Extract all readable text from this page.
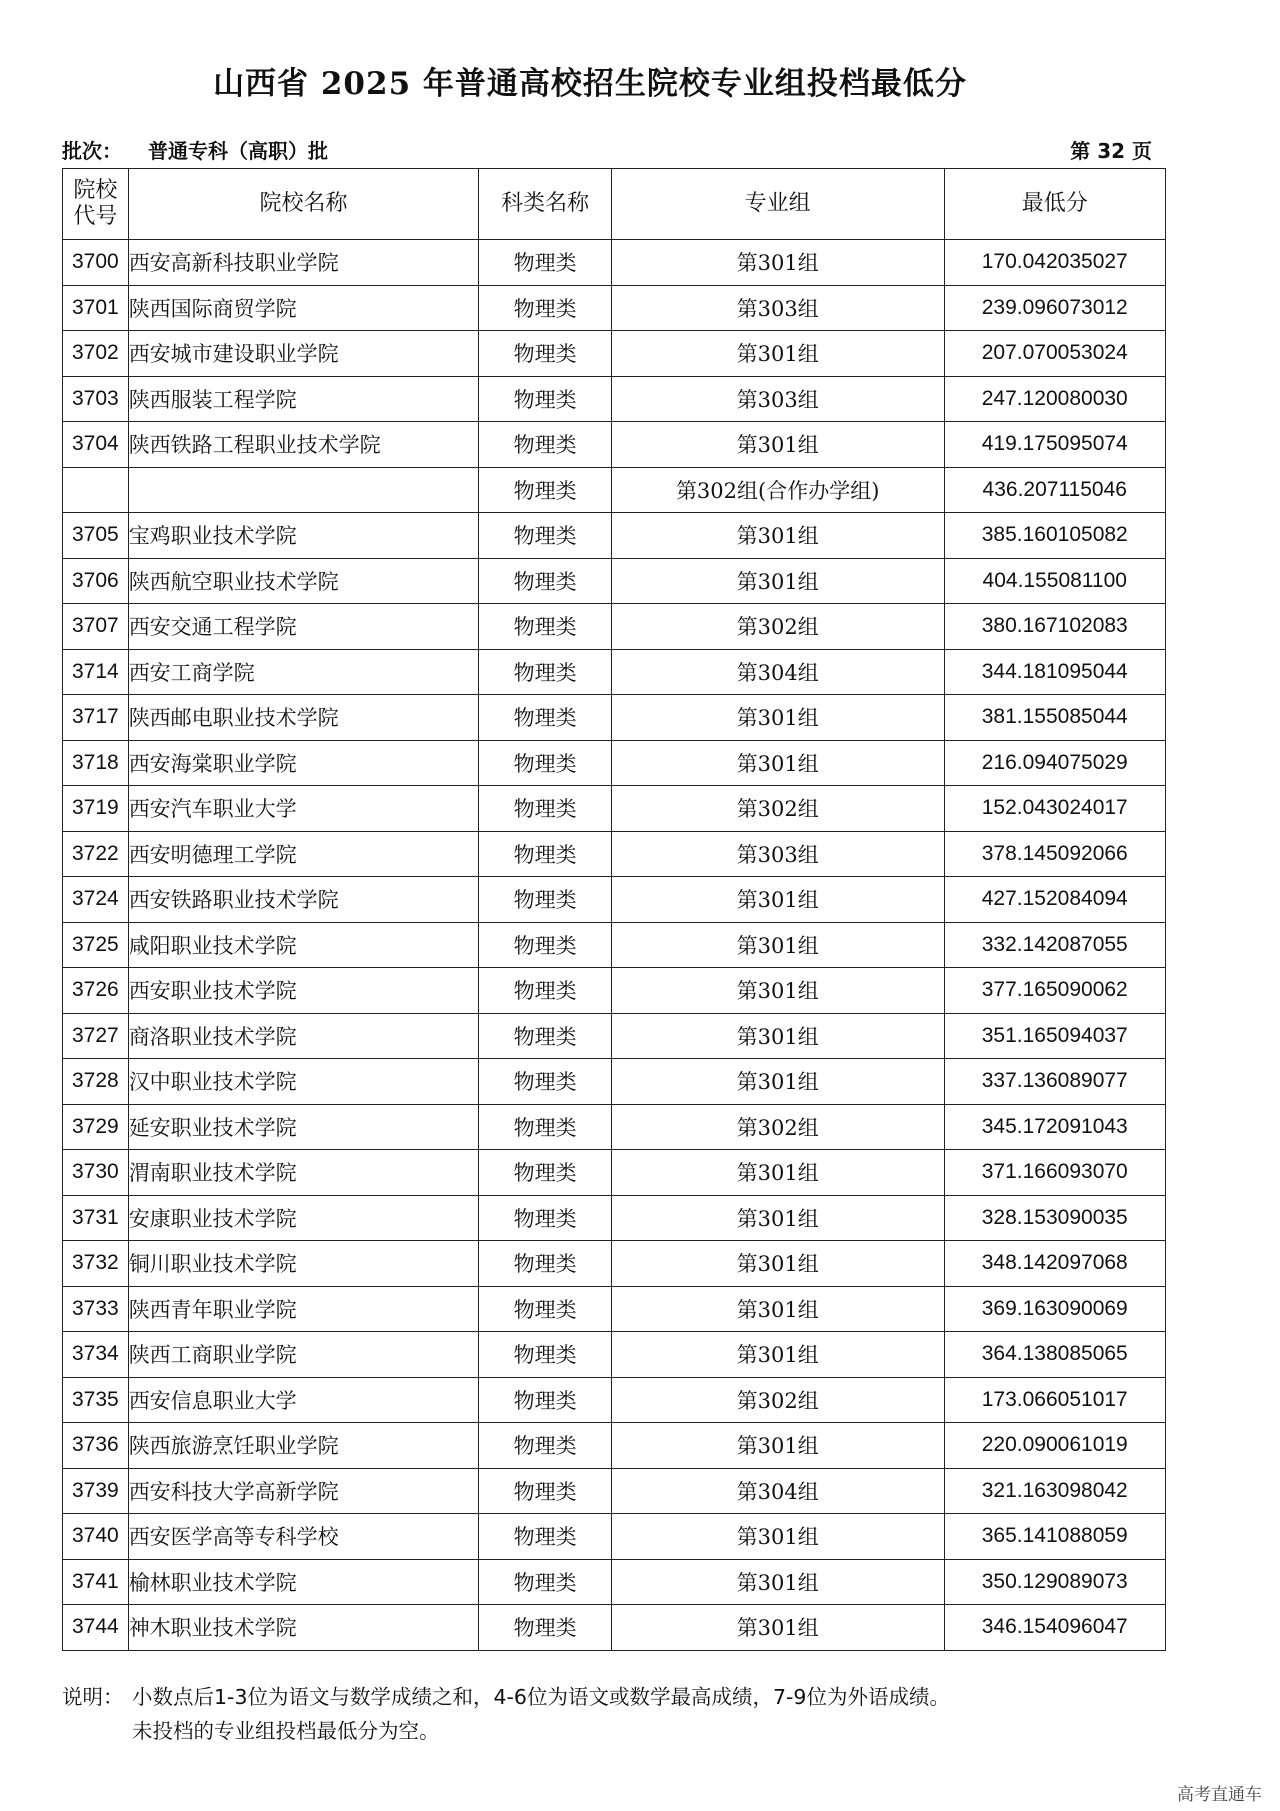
山西省 2025 年普通高校招生院校专业组投档最低分
批次： 普通专科（高职）批	第 32 页
院校
代号	院校名称	科类名称	专业组	最低分
3700	西安高新科技职业学院	物理类	第301组	170.042035027
3701	陕西国际商贸学院	物理类	第303组	239.096073012
3702	西安城市建设职业学院	物理类	第301组	207.070053024
3703	陕西服装工程学院	物理类	第303组	247.120080030
3704	陕西铁路工程职业技术学院	物理类	第301组	419.175095074
		物理类	第302组(合作办学组)	436.207115046
3705	宝鸡职业技术学院	物理类	第301组	385.160105082
3706	陕西航空职业技术学院	物理类	第301组	404.155081100
3707	西安交通工程学院	物理类	第302组	380.167102083
3714	西安工商学院	物理类	第304组	344.181095044
3717	陕西邮电职业技术学院	物理类	第301组	381.155085044
3718	西安海棠职业学院	物理类	第301组	216.094075029
3719	西安汽车职业大学	物理类	第302组	152.043024017
3722	西安明德理工学院	物理类	第303组	378.145092066
3724	西安铁路职业技术学院	物理类	第301组	427.152084094
3725	咸阳职业技术学院	物理类	第301组	332.142087055
3726	西安职业技术学院	物理类	第301组	377.165090062
3727	商洛职业技术学院	物理类	第301组	351.165094037
3728	汉中职业技术学院	物理类	第301组	337.136089077
3729	延安职业技术学院	物理类	第302组	345.172091043
3730	渭南职业技术学院	物理类	第301组	371.166093070
3731	安康职业技术学院	物理类	第301组	328.153090035
3732	铜川职业技术学院	物理类	第301组	348.142097068
3733	陕西青年职业学院	物理类	第301组	369.163090069
3734	陕西工商职业学院	物理类	第301组	364.138085065
3735	西安信息职业大学	物理类	第302组	173.066051017
3736	陕西旅游烹饪职业学院	物理类	第301组	220.090061019
3739	西安科技大学高新学院	物理类	第304组	321.163098042
3740	西安医学高等专科学校	物理类	第301组	365.141088059
3741	榆林职业技术学院	物理类	第301组	350.129089073
3744	神木职业技术学院	物理类	第301组	346.154096047
说明： 小数点后1-3位为语文与数学成绩之和，4-6位为语文或数学最高成绩，7-9位为外语成绩。
未投档的专业组投档最低分为空。
高考直通车
